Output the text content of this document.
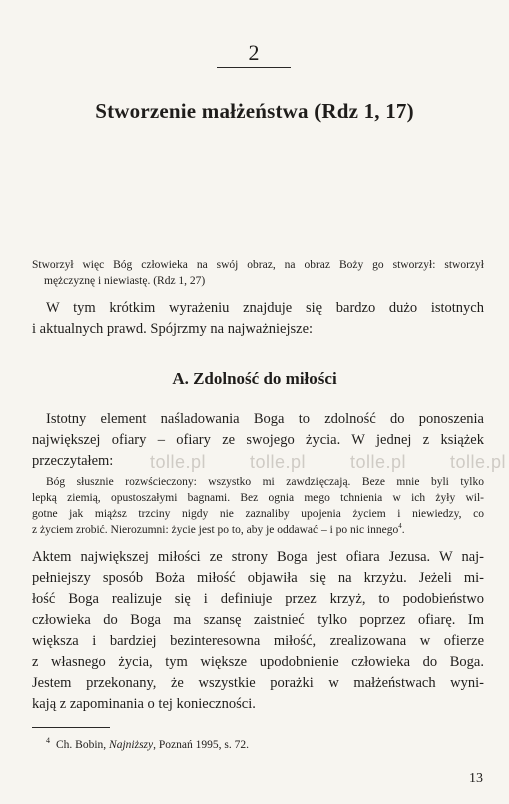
2
Stworzenie małżeństwa (Rdz 1, 17)
Stworzył więc Bóg człowieka na swój obraz, na obraz Boży go stworzył: stworzył
mężczyznę i niewiastę. (Rdz 1, 27)
W tym krótkim wyrażeniu znajduje się bardzo dużo istotnych
i aktualnych prawd. Spójrzmy na najważniejsze:
A. Zdolność do miłości
Istotny element naśladowania Boga to zdolność do ponoszenia
największej ofiary – ofiary ze swojego życia. W jednej z książek
przeczytałem:	tolle.pl tolle.pl tolle.pl tolle.pl
Bóg słusznie rozwścieczony: wszystko mi zawdzięczają. Beze mnie byli tylko
lepką ziemią, opustoszałymi bagnami. Bez ognia mego tchnienia w ich żyły wil-
gotne jak miąższ trzciny nigdy nie zaznaliby upojenia życiem i niewiedzy, co
z życiem zrobić. Nierozumni: życie jest po to, aby je oddawać – i po nic innego$^4$.
Aktem największej miłości ze strony Boga jest ofiara Jezusa. W naj-
pełniejszy sposób Boża miłość objawiła się na krzyżu. Jeżeli mi-
łość Boga realizuje się i definiuje przez krzyż, to podobieństwo
człowieka do Boga ma szansę zaistnieć tylko poprzez ofiarę. Im
większa i bardziej bezinteresowna miłość, zrealizowana w ofierze
z własnego życia, tym większe upodobnienie człowieka do Boga.
Jestem przekonany, że wszystkie porażki w małżeństwach wyni-
kają z zapominania o tej konieczności.
$^4$ Ch. Bobin, Najniższy, Poznań 1995, s. 72.
13
